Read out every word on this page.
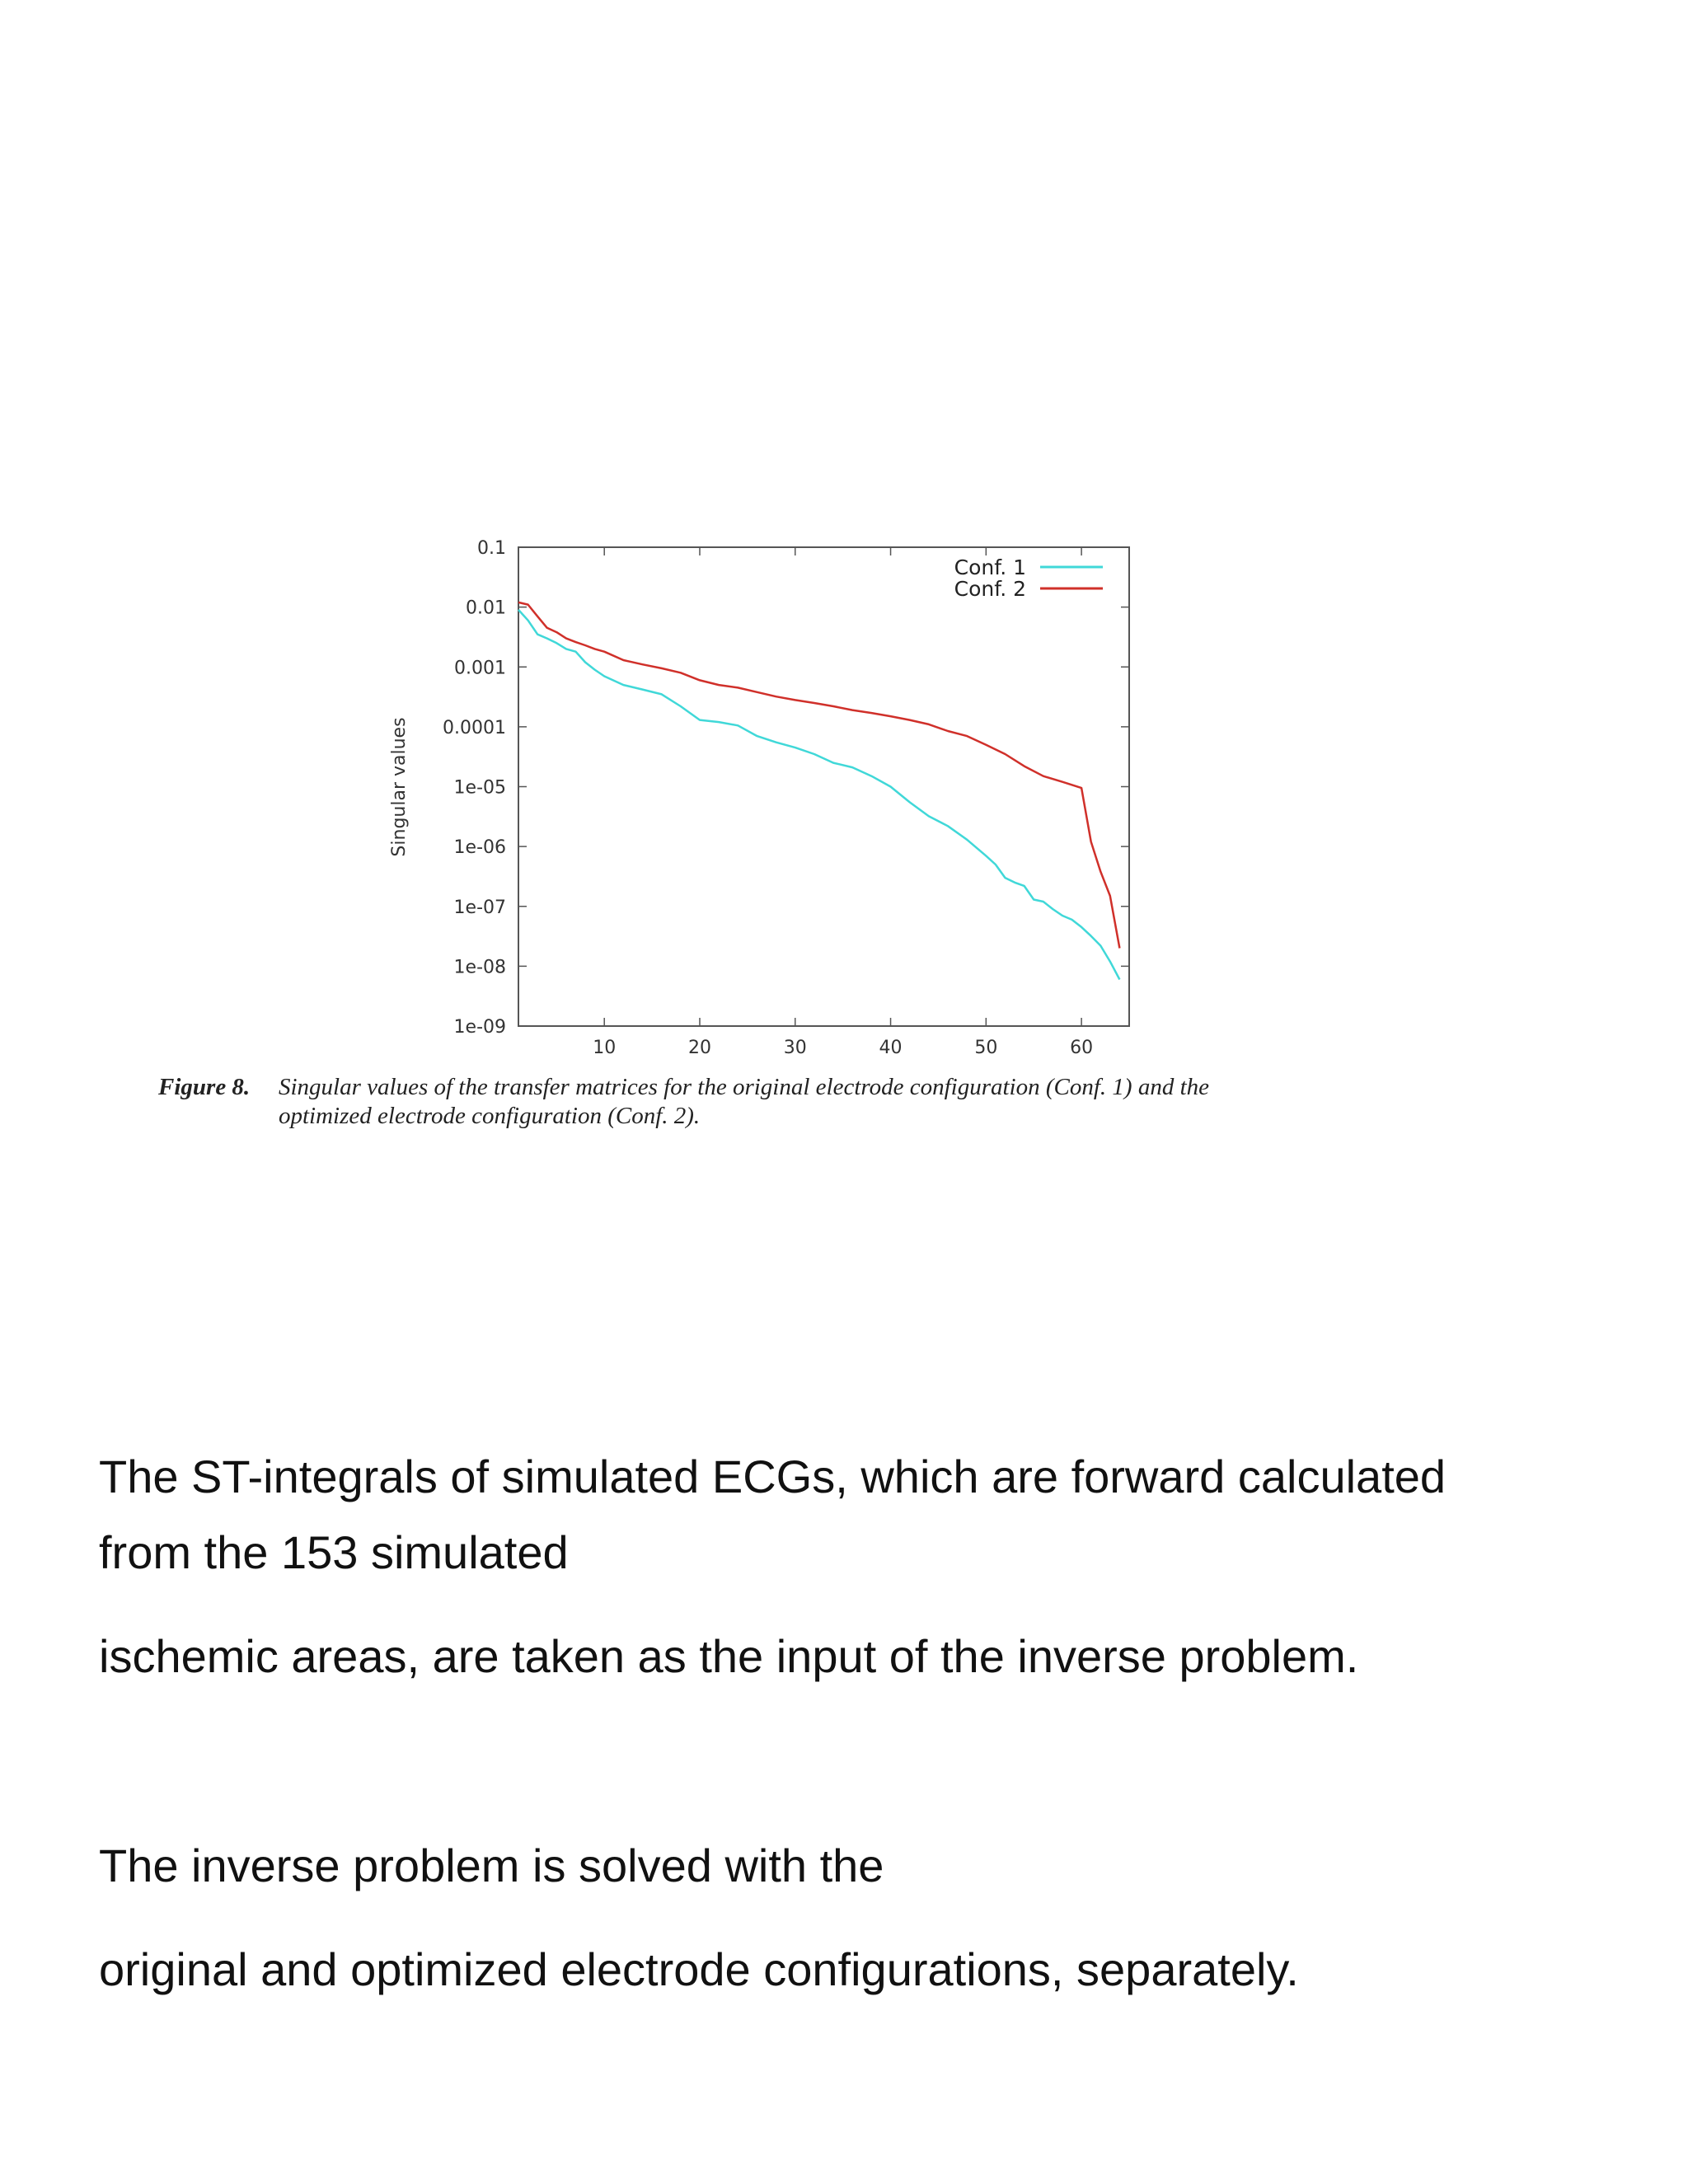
1e-09
1e-08
1e-07
1e-06
1e-05
0.0001
0.001
0.01
0.1
10	20	30	40	50	60
Conf. 1
Conf. 2
Singular values
Figure 8. Singular values of the transfer matrices for the original electrode configuration (Conf. 1) and the optimized electrode configuration (Conf. 2).

The ST-integrals of simulated ECGs, which are forward calculated

from the 153 simulated

ischemic areas, are taken as the input of the inverse problem.

The inverse problem is solved with the

original and optimized electrode configurations, separately.
